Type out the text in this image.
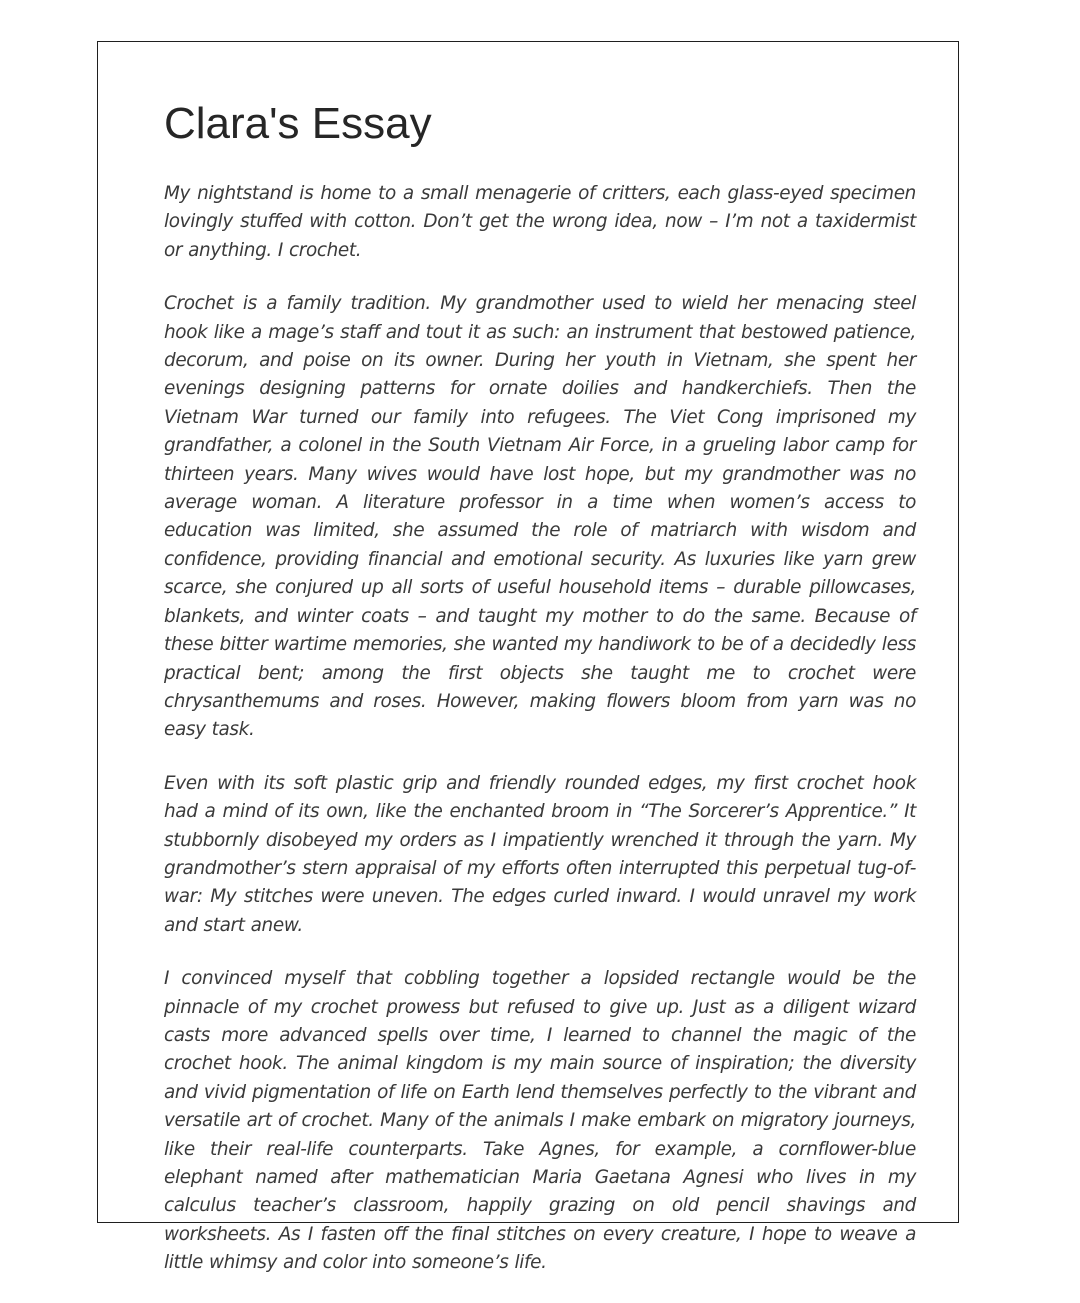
Clara's Essay

My nightstand is home to a small menagerie of critters, each glass-eyed specimen lovingly stuffed with cotton. Don’t get the wrong idea, now – I’m not a taxidermist or anything. I crochet.

Crochet is a family tradition. My grandmother used to wield her menacing steel hook like a mage’s staff and tout it as such: an instrument that bestowed patience, decorum, and poise on its owner. During her youth in Vietnam, she spent her evenings designing patterns for ornate doilies and handkerchiefs. Then the Vietnam War turned our family into refugees. The Viet Cong imprisoned my grandfather, a colonel in the South Vietnam Air Force, in a grueling labor camp for thirteen years. Many wives would have lost hope, but my grandmother was no average woman. A literature professor in a time when women’s access to education was limited, she assumed the role of matriarch with wisdom and confidence, providing financial and emotional security. As luxuries like yarn grew scarce, she conjured up all sorts of useful household items – durable pillowcases, blankets, and winter coats – and taught my mother to do the same. Because of these bitter wartime memories, she wanted my handiwork to be of a decidedly less practical bent; among the first objects she taught me to crochet were chrysanthemums and roses. However, making flowers bloom from yarn was no easy task.

Even with its soft plastic grip and friendly rounded edges, my first crochet hook had a mind of its own, like the enchanted broom in “The Sorcerer’s Apprentice.” It stubbornly disobeyed my orders as I impatiently wrenched it through the yarn. My grandmother’s stern appraisal of my efforts often interrupted this perpetual tug-of-war: My stitches were uneven. The edges curled inward. I would unravel my work and start anew.

I convinced myself that cobbling together a lopsided rectangle would be the pinnacle of my crochet prowess but refused to give up. Just as a diligent wizard casts more advanced spells over time, I learned to channel the magic of the crochet hook. The animal kingdom is my main source of inspiration; the diversity and vivid pigmentation of life on Earth lend themselves perfectly to the vibrant and versatile art of crochet. Many of the animals I make embark on migratory journeys, like their real-life counterparts. Take Agnes, for example, a cornflower-blue elephant named after mathematician Maria Gaetana Agnesi who lives in my calculus teacher’s classroom, happily grazing on old pencil shavings and worksheets. As I fasten off the final stitches on every creature, I hope to weave a little whimsy and color into someone’s life.
